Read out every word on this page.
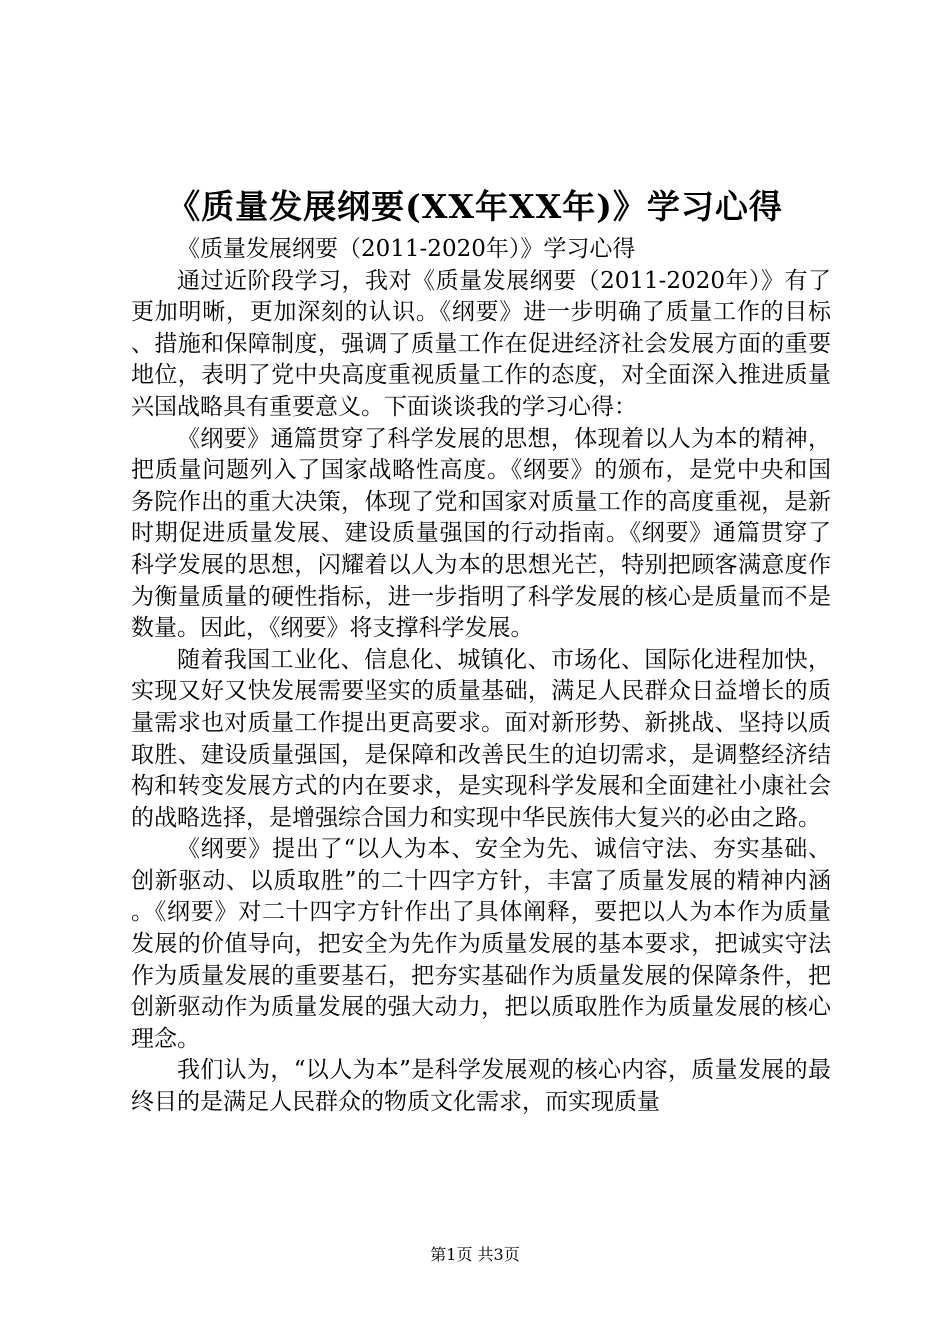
《质量发展纲要(XX年XX年)》学习心得

《质量发展纲要（2011-2020年）》学习心得

通过近阶段学习，我对《质量发展纲要（2011-2020年）》有了更加明晰，更加深刻的认识。《纲要》进一步明确了质量工作的目标、措施和保障制度，强调了质量工作在促进经济社会发展方面的重要地位，表明了党中央高度重视质量工作的态度，对全面深入推进质量兴国战略具有重要意义。下面谈谈我的学习心得：

《纲要》通篇贯穿了科学发展的思想，体现着以人为本的精神，把质量问题列入了国家战略性高度。《纲要》的颁布，是党中央和国务院作出的重大决策，体现了党和国家对质量工作的高度重视，是新时期促进质量发展、建设质量强国的行动指南。《纲要》通篇贯穿了科学发展的思想，闪耀着以人为本的思想光芒，特别把顾客满意度作为衡量质量的硬性指标，进一步指明了科学发展的核心是质量而不是数量。因此，《纲要》将支撑科学发展。

随着我国工业化、信息化、城镇化、市场化、国际化进程加快，实现又好又快发展需要坚实的质量基础，满足人民群众日益增长的质量需求也对质量工作提出更高要求。面对新形势、新挑战、坚持以质取胜、建设质量强国，是保障和改善民生的迫切需求，是调整经济结构和转变发展方式的内在要求，是实现科学发展和全面建社小康社会的战略选择，是增强综合国力和实现中华民族伟大复兴的必由之路。

《纲要》提出了“以人为本、安全为先、诚信守法、夯实基础、创新驱动、以质取胜”的二十四字方针，丰富了质量发展的精神内涵。《纲要》对二十四字方针作出了具体阐释，要把以人为本作为质量发展的价值导向，把安全为先作为质量发展的基本要求，把诚实守法作为质量发展的重要基石，把夯实基础作为质量发展的保障条件，把创新驱动作为质量发展的强大动力，把以质取胜作为质量发展的核心理念。

我们认为，“以人为本”是科学发展观的核心内容，质量发展的最终目的是满足人民群众的物质文化需求，而实现质量

第1页 共3页
